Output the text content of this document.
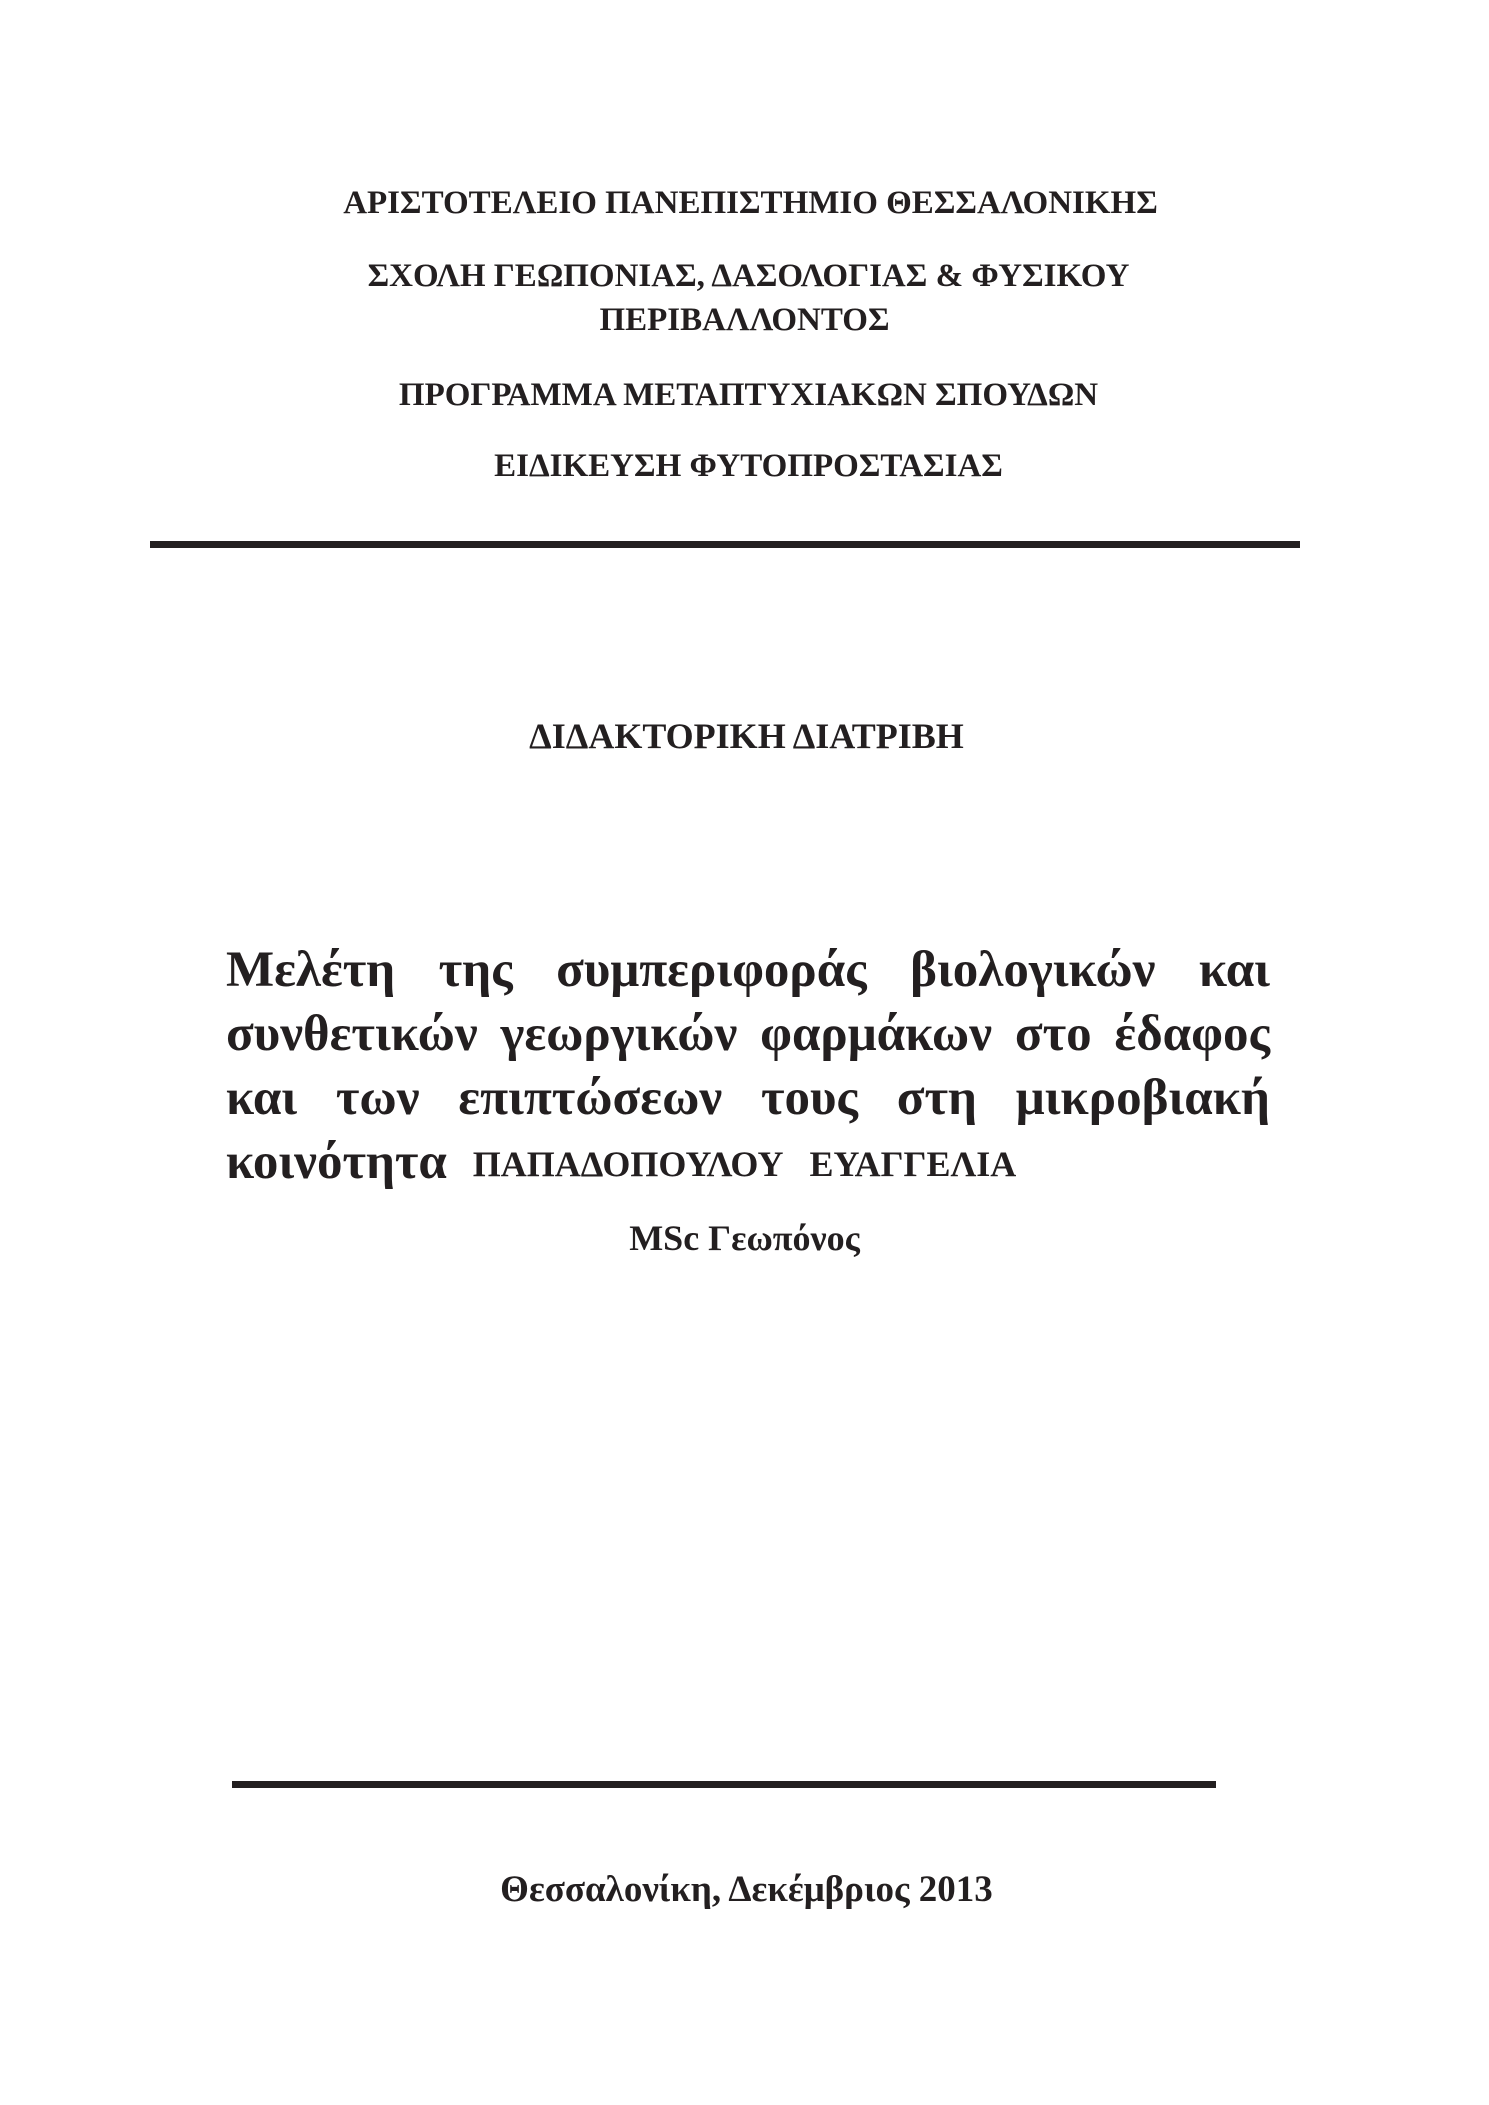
ΑΡΙΣΤΟΤΕΛΕΙΟ ΠΑΝΕΠΙΣΤΗΜΙΟ ΘΕΣΣΑΛΟΝΙΚΗΣ
ΣΧΟΛΗ ΓΕΩΠΟΝΙΑΣ, ΔΑΣΟΛΟΓΙΑΣ & ΦΥΣΙΚΟΥ
ΠΕΡΙΒΑΛΛΟΝΤΟΣ
ΠΡΟΓΡΑΜΜΑ ΜΕΤΑΠΤΥΧΙΑΚΩΝ ΣΠΟΥΔΩΝ
ΕΙΔΙΚΕΥΣΗ ΦΥΤΟΠΡΟΣΤΑΣΙΑΣ
ΔΙΔΑΚΤΟΡΙΚΗ ΔΙΑΤΡΙΒΗ
Μελέτη της συμπεριφοράς βιολογικών και
συνθετικών γεωργικών φαρμάκων στο έδαφος
και των επιπτώσεων τους στη μικροβιακή
κοινότητα ΠΑΠΑΔΟΠΟΥΛΟΥ  ΕΥΑΓΓΕΛΙΑ
MSc Γεωπόνος
Θεσσαλονίκη, Δεκέμβριος 2013
